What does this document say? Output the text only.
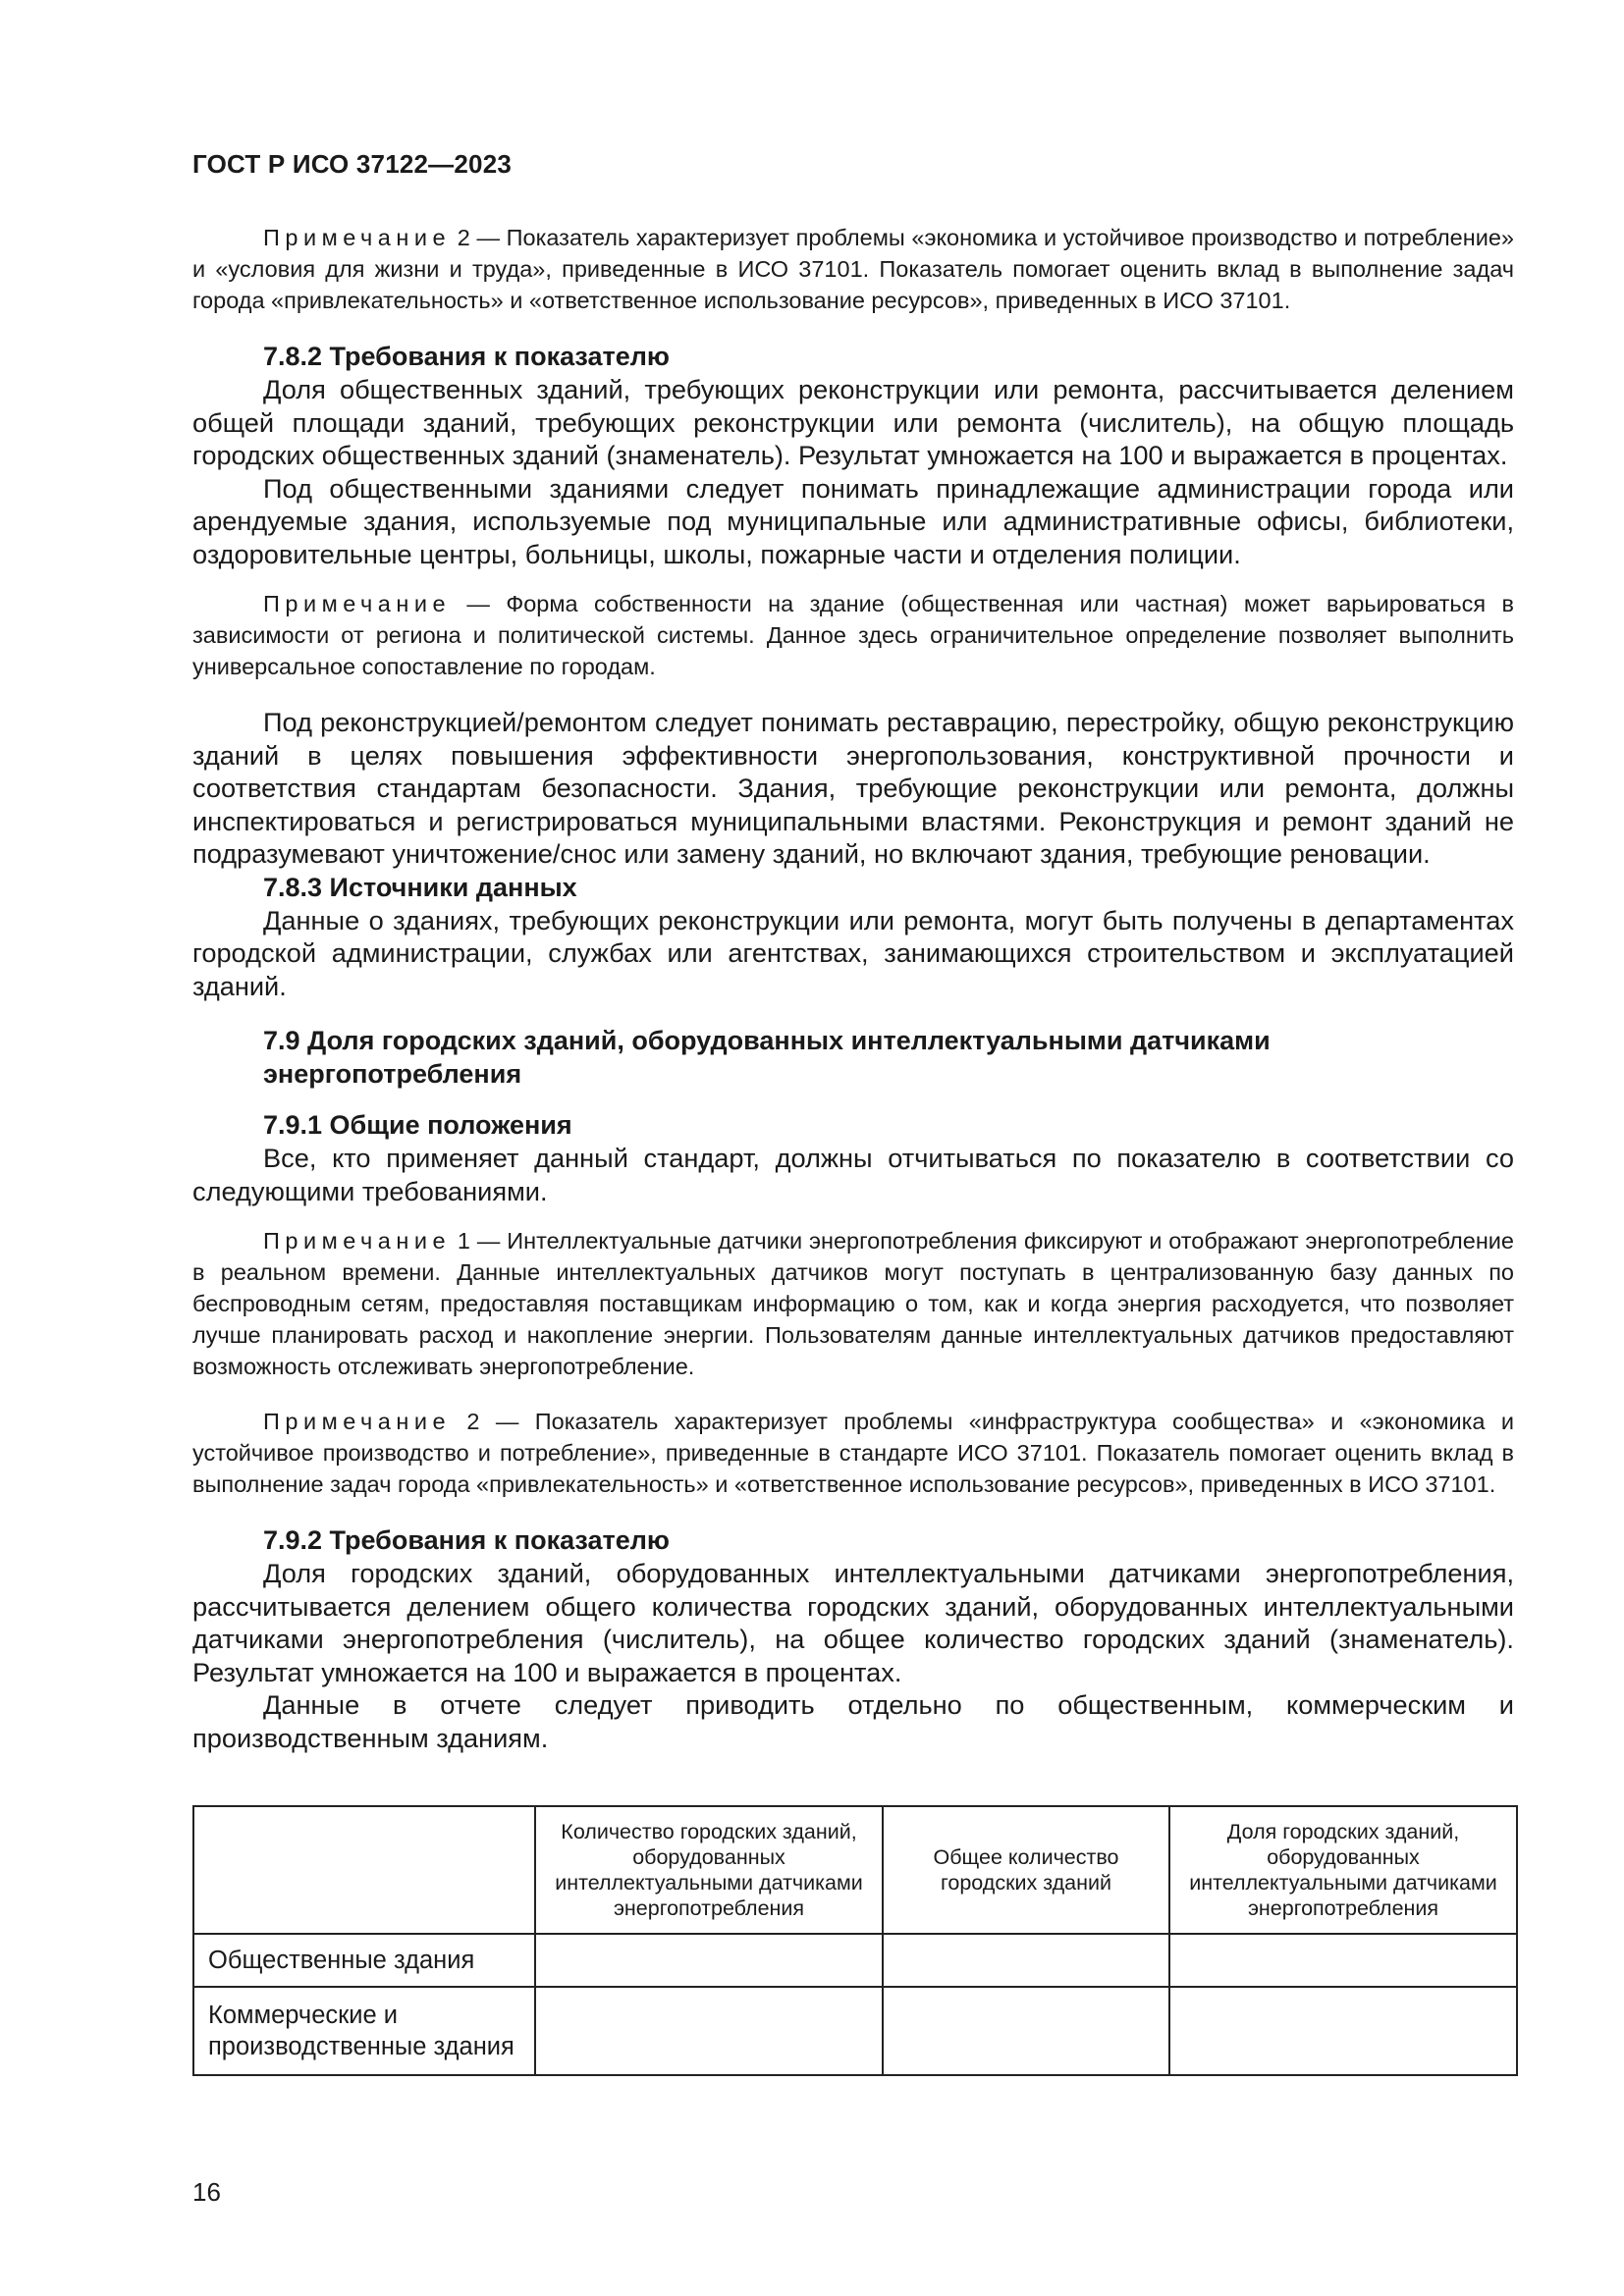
ГОСТ Р ИСО 37122—2023

Примечание 2 — Показатель характеризует проблемы «экономика и устойчивое производство и потребление» и «условия для жизни и труда», приведенные в ИСО 37101. Показатель помогает оценить вклад в выполнение задач города «привлекательность» и «ответственное использование ресурсов», приведенных в ИСО 37101.

7.8.2 Требования к показателю

Доля общественных зданий, требующих реконструкции или ремонта, рассчитывается делением общей площади зданий, требующих реконструкции или ремонта (числитель), на общую площадь городских общественных зданий (знаменатель). Результат умножается на 100 и выражается в процентах.

Под общественными зданиями следует понимать принадлежащие администрации города или арендуемые здания, используемые под муниципальные или административные офисы, библиотеки, оздоровительные центры, больницы, школы, пожарные части и отделения полиции.

Примечание — Форма собственности на здание (общественная или частная) может варьироваться в зависимости от региона и политической системы. Данное здесь ограничительное определение позволяет выполнить универсальное сопоставление по городам.

Под реконструкцией/ремонтом следует понимать реставрацию, перестройку, общую реконструкцию зданий в целях повышения эффективности энергопользования, конструктивной прочности и соответствия стандартам безопасности. Здания, требующие реконструкции или ремонта, должны инспектироваться и регистрироваться муниципальными властями. Реконструкция и ремонт зданий не подразумевают уничтожение/снос или замену зданий, но включают здания, требующие реновации.

7.8.3 Источники данных

Данные о зданиях, требующих реконструкции или ремонта, могут быть получены в департаментах городской администрации, службах или агентствах, занимающихся строительством и эксплуатацией зданий.

7.9 Доля городских зданий, оборудованных интеллектуальными датчиками
энергопотребления

7.9.1 Общие положения

Все, кто применяет данный стандарт, должны отчитываться по показателю в соответствии со следующими требованиями.

Примечание 1 — Интеллектуальные датчики энергопотребления фиксируют и отображают энергопотребление в реальном времени. Данные интеллектуальных датчиков могут поступать в централизованную базу данных по беспроводным сетям, предоставляя поставщикам информацию о том, как и когда энергия расходуется, что позволяет лучше планировать расход и накопление энергии. Пользователям данные интеллектуальных датчиков предоставляют возможность отслеживать энергопотребление.

Примечание 2 — Показатель характеризует проблемы «инфраструктура сообщества» и «экономика и устойчивое производство и потребление», приведенные в стандарте ИСО 37101. Показатель помогает оценить вклад в выполнение задач города «привлекательность» и «ответственное использование ресурсов», приведенных в ИСО 37101.

7.9.2 Требования к показателю

Доля городских зданий, оборудованных интеллектуальными датчиками энергопотребления, рассчитывается делением общего количества городских зданий, оборудованных интеллектуальными датчиками энергопотребления (числитель), на общее количество городских зданий (знаменатель). Результат умножается на 100 и выражается в процентах.

Данные в отчете следует приводить отдельно по общественным, коммерческим и производственным зданиям.

	Количество городских зданий, оборудованных интеллектуальными датчиками энергопотребления	Общее количество городских зданий	Доля городских зданий, оборудованных интеллектуальными датчиками энергопотребления
Общественные здания			
Коммерческие и производственные здания			
16
